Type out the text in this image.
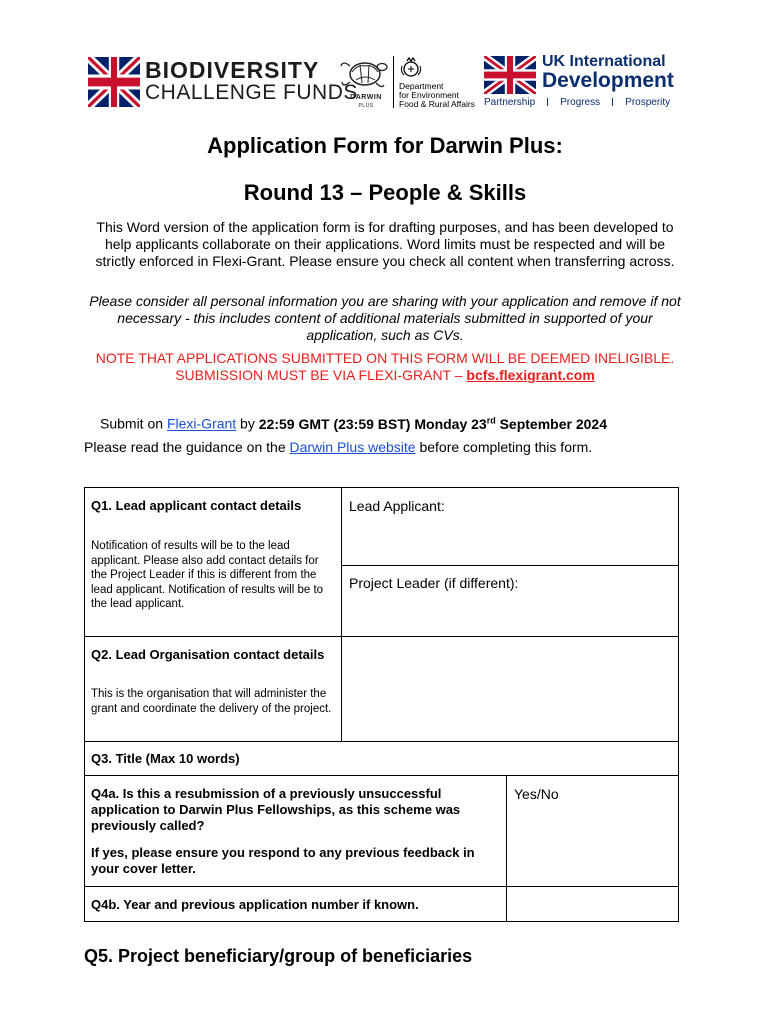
BIODIVERSITY
CHALLENGE FUNDS
DARWIN
PLUS
Department
for Environment
Food & Rural Affairs
UK International
Development
Partnership	Progress	Prosperity
Application Form for Darwin Plus:
Round 13 – People & Skills
This Word version of the application form is for drafting purposes, and has been developed to help applicants collaborate on their applications. Word limits must be respected and will be strictly enforced in Flexi-Grant. Please ensure you check all content when transferring across.
Please consider all personal information you are sharing with your application and remove if not necessary - this includes content of additional materials submitted in supported of your application, such as CVs.
NOTE THAT APPLICATIONS SUBMITTED ON THIS FORM WILL BE DEEMED INELIGIBLE. SUBMISSION MUST BE VIA FLEXI-GRANT – bcfs.flexigrant.com
Submit on Flexi-Grant by 22:59 GMT (23:59 BST) Monday 23rd September 2024
Please read the guidance on the Darwin Plus website before completing this form.
Q1. Lead applicant contact details
Notification of results will be to the lead applicant. Please also add contact details for the Project Leader if this is different from the lead applicant. Notification of results will be to the lead applicant.
Lead Applicant:
Project Leader (if different):
Q2. Lead Organisation contact details
This is the organisation that will administer the grant and coordinate the delivery of the project.
Q3. Title (Max 10 words)
Q4a. Is this a resubmission of a previously unsuccessful application to Darwin Plus Fellowships, as this scheme was previously called?
If yes, please ensure you respond to any previous feedback in your cover letter.
Yes/No
Q4b. Year and previous application number if known.
Q5. Project beneficiary/group of beneficiaries
